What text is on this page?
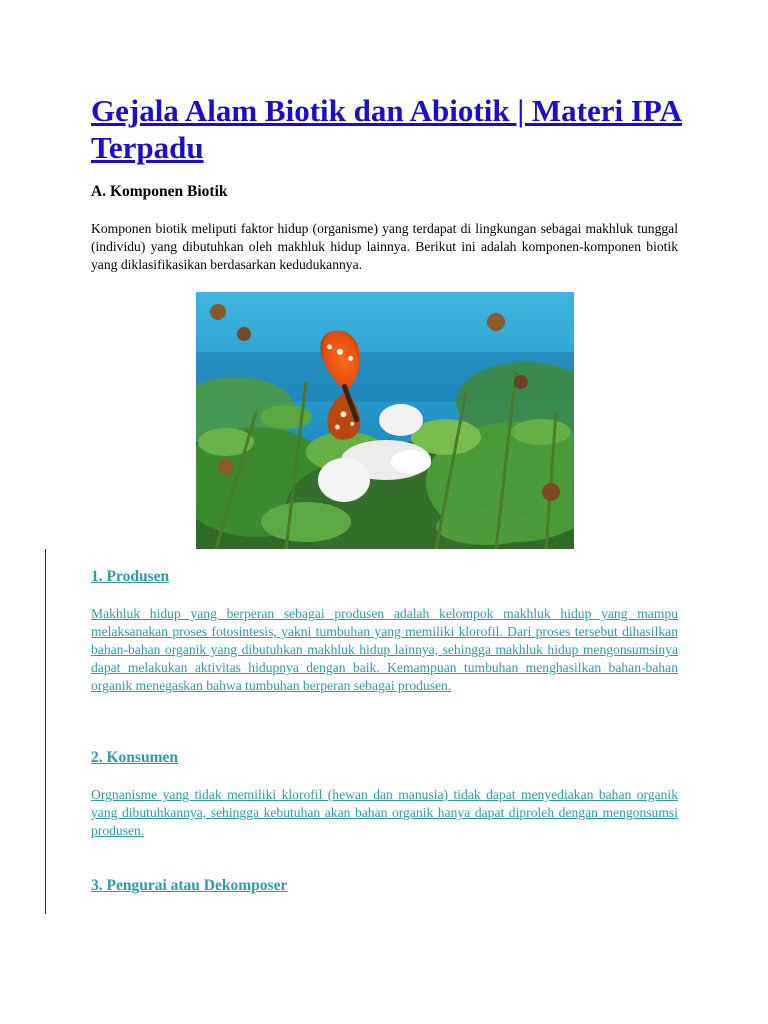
Gejala Alam Biotik dan Abiotik | Materi IPA Terpadu
A. Komponen Biotik

Komponen biotik meliputi faktor hidup (organisme) yang terdapat di lingkungan sebagai makhluk tunggal (individu) yang dibutuhkan oleh makhluk hidup lainnya. Berikut ini adalah komponen-komponen biotik yang diklasifikasikan berdasarkan kedudukannya.

1. Produsen

Makhluk hidup yang berperan sebagai produsen adalah kelompok makhluk hidup yang mampu melaksanakan proses fotosintesis, yakni tumbuhan yang memiliki klorofil. Dari proses tersebut dihasilkan bahan-bahan organik yang dibutuhkan makhluk hidup lainnya, sehingga makhluk hidup mengonsumsinya dapat melakukan aktivitas hidupnya dengan baik. Kemampuan tumbuhan menghasilkan bahan-bahan organik menegaskan bahwa tumbuhan berperan sebagai produsen.

2. Konsumen

Orgnanisme yang tidak memiliki klorofil (hewan dan manusia) tidak dapat menyediakan bahan organik yang dibutuhkannya, sehingga kebutuhan akan bahan organik hanya dapat diproleh dengan mengonsumsi produsen.

3. Pengurai atau Dekomposer
